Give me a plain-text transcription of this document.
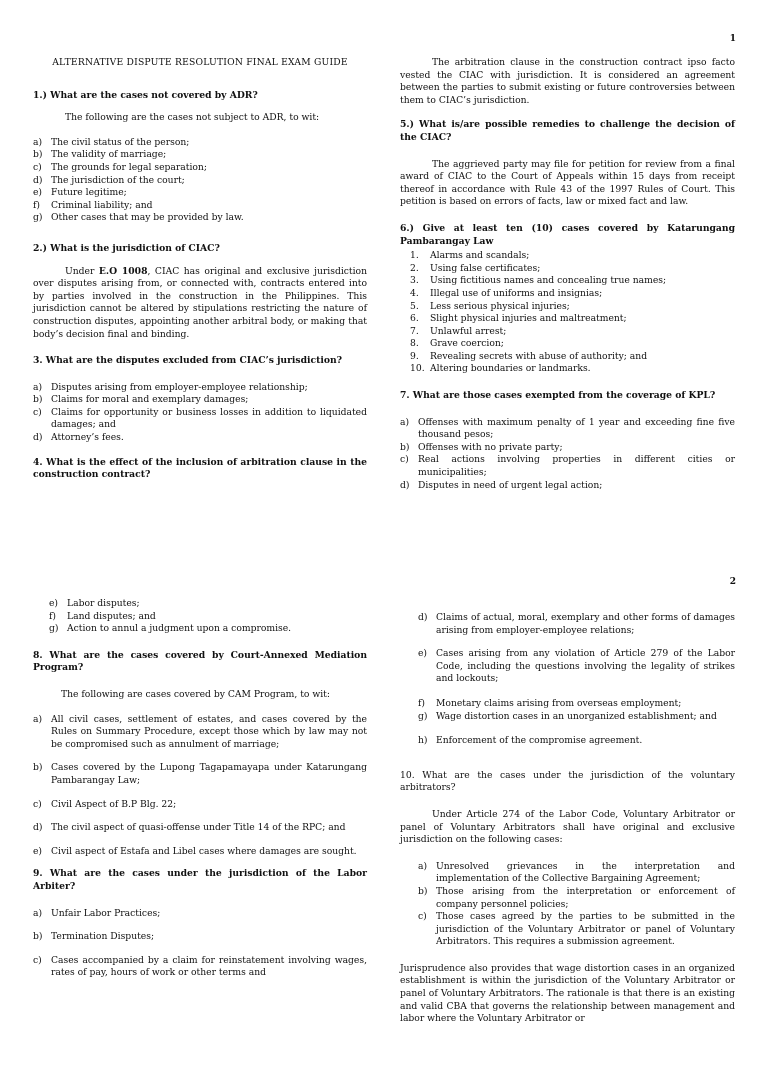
1
ALTERNATIVE DISPUTE RESOLUTION FINAL EXAM GUIDE
1.) What are the cases not covered by ADR?
The following are the cases not subject to ADR, to wit:
a) The civil status of the person;
b) The validity of marriage;
c)	The grounds for legal separation;
d) The jurisdiction of the court;
e) Future legitime;
f)	Criminal liability; and
g) Other cases that may be provided by law.
2.) What is the jurisdiction of CIAC?
Under E.O 1008, CIAC has original and exclusive jurisdiction over disputes arising from, or connected with, contracts entered into by parties involved in the construction in the Philippines. This jurisdiction cannot be altered by stipulations restricting the nature of construction disputes, appointing another arbitral body, or making that body’s decision final and binding.
3. What are the disputes excluded from CIAC’s jurisdiction?
a) Disputes arising from employer-employee relationship;
b) Claims for moral and exemplary damages;
c)	Claims for opportunity or business losses in addition to liquidated damages; and
d) Attorney’s fees.
4. What is the effect of the inclusion of arbitration clause in the construction contract?
The arbitration clause in the construction contract ipso facto vested the CIAC with jurisdiction. It is considered an agreement between the parties to submit existing or future controversies between them to CIAC’s jurisdiction.
5.) What is/are possible remedies to challenge the decision of the CIAC?
The aggrieved party may file for petition for review from a final award of CIAC to the Court of Appeals within 15 days from receipt thereof in accordance with Rule 43 of the 1997 Rules of Court. This petition is based on errors of facts, law or mixed fact and law.
6.) Give at least ten (10) cases covered by Katarungang Pambarangay Law
1.	Alarms and scandals;
2.	Using false certificates;
3.	Using fictitious names and concealing true names;
4.	Illegal use of uniforms and insignias;
5.	Less serious physical injuries;
6.	Slight physical injuries and maltreatment;
7.	Unlawful arrest;
8.	Grave coercion;
9.	Revealing secrets with abuse of authority; and
10. Altering boundaries or landmarks.
7. What are those cases exempted from the coverage of KPL?
a) Offenses with maximum penalty of 1 year and exceeding fine five thousand pesos;
b) Offenses with no private party;
c)	Real actions involving properties in different cities or municipalities;
d) Disputes in need of urgent legal action;
2
e) Labor disputes;
f)	Land disputes; and
g) Action to annul a judgment upon a compromise.
8. What are the cases covered by Court-Annexed Mediation Program?
The following are cases covered by CAM Program, to wit:
a) All civil cases, settlement of estates, and cases covered by the Rules on Summary Procedure, except those which by law may not be compromised such as annulment of marriage;
b) Cases covered by the Lupong Tagapamayapa under Katarungang Pambarangay Law;
c)	Civil Aspect of B.P Blg. 22;
d) The civil aspect of quasi-offense under Title 14 of the RPC; and
e) Civil aspect of Estafa and Libel cases where damages are sought.
9. What are the cases under the jurisdiction of the Labor Arbiter?
a) Unfair Labor Practices;
b) Termination Disputes;
c)	Cases accompanied by a claim for reinstatement involving wages, rates of pay, hours of work or other terms and
d) Claims of actual, moral, exemplary and other forms of damages arising from employer-employee relations;
e) Cases arising from any violation of Article 279 of the Labor Code, including the questions involving the legality of strikes and lockouts;
f)	Monetary claims arising from overseas employment;
g) Wage distortion cases in an unorganized establishment; and
h) Enforcement of the compromise agreement.
10. What are the cases under the jurisdiction of the voluntary arbitrators?
Under Article 274 of the Labor Code, Voluntary Arbitrator or panel of Voluntary Arbitrators shall have original and exclusive jurisdiction on the following cases:
a) Unresolved grievances in the interpretation and implementation of the Collective Bargaining Agreement;
b) Those arising from the interpretation or enforcement of company personnel policies;
c)	Those cases agreed by the parties to be submitted in the jurisdiction of the Voluntary Arbitrator or panel of Voluntary Arbitrators. This requires a submission agreement.
Jurisprudence also provides that wage distortion cases in an organized establishment is within the jurisdiction of the Voluntary Arbitrator or panel of Voluntary Arbitrators. The rationale is that there is an existing and valid CBA that governs the relationship between management and labor where the Voluntary Arbitrator or
